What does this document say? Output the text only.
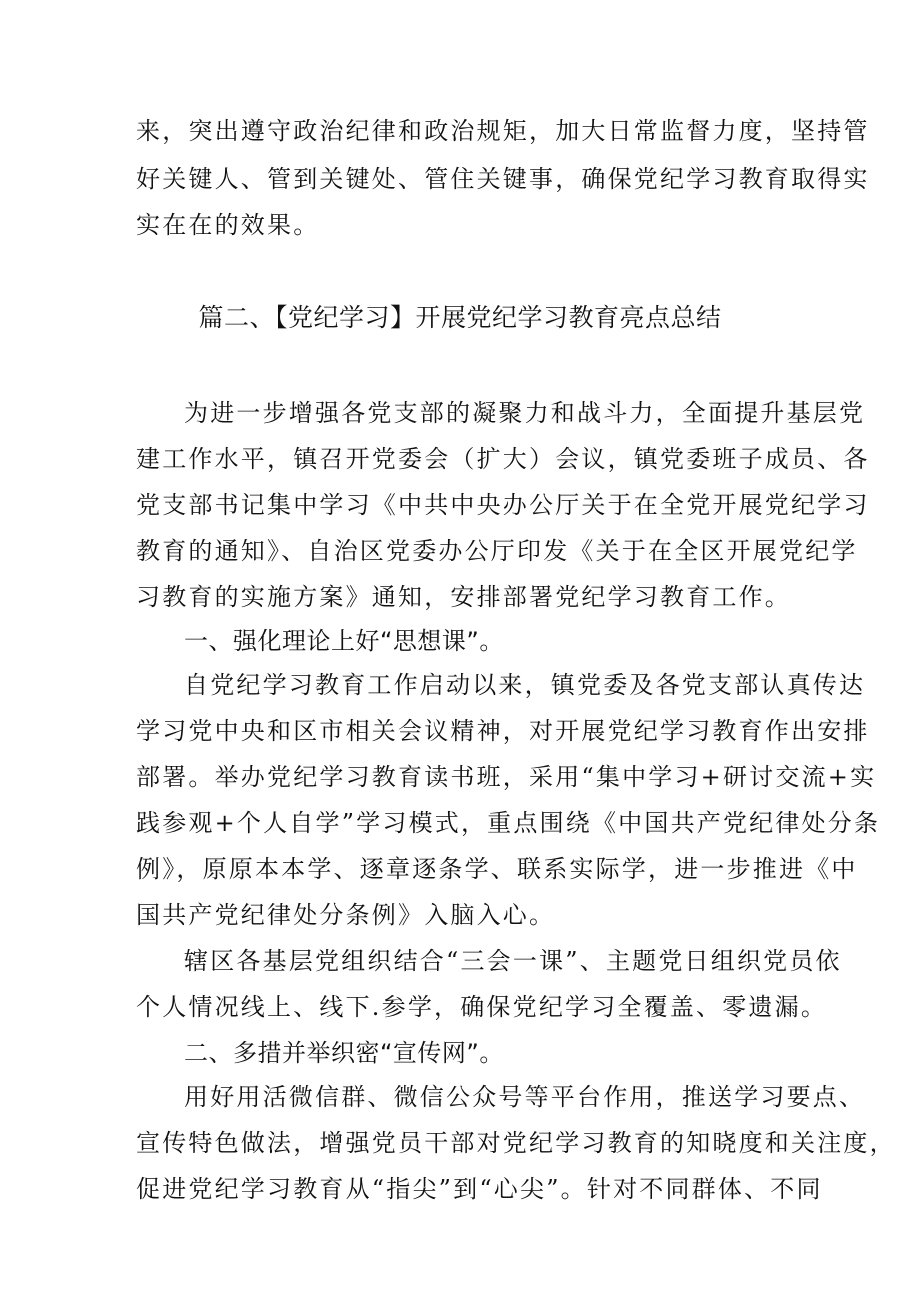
来，突出遵守政治纪律和政治规矩，加大日常监督力度，坚持管
好关键人、管到关键处、管住关键事，确保党纪学习教育取得实
实在在的效果。
篇二、【党纪学习】开展党纪学习教育亮点总结
为进一步增强各党支部的凝聚力和战斗力，全面提升基层党
建工作水平，镇召开党委会（扩大）会议，镇党委班子成员、各
党支部书记集中学习《中共中央办公厅关于在全党开展党纪学习
教育的通知》、自治区党委办公厅印发《关于在全区开展党纪学
习教育的实施方案》通知，安排部署党纪学习教育工作。
一、强化理论上好“思想课”。
自党纪学习教育工作启动以来，镇党委及各党支部认真传达
学习党中央和区市相关会议精神，对开展党纪学习教育作出安排
部署。举办党纪学习教育读书班，采用“集中学习+研讨交流+实
践参观+个人自学”学习模式，重点围绕《中国共产党纪律处分条
例》，原原本本学、逐章逐条学、联系实际学，进一步推进《中
国共产党纪律处分条例》入脑入心。
辖区各基层党组织结合“三会一课”、主题党日组织党员依
个人情况线上、线下.参学，确保党纪学习全覆盖、零遗漏。
二、多措并举织密“宣传网”。
用好用活微信群、微信公众号等平台作用，推送学习要点、
宣传特色做法，增强党员干部对党纪学习教育的知晓度和关注度，
促进党纪学习教育从“指尖”到“心尖”。针对不同群体、不同
